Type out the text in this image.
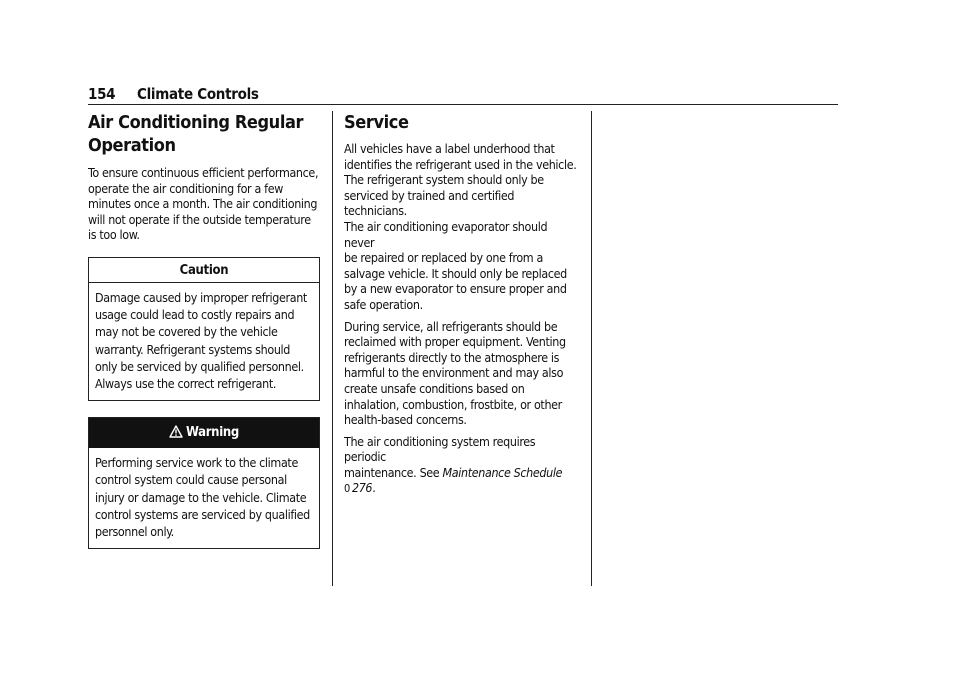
154 Climate Controls
Air Conditioning Regular
Operation

To ensure continuous efficient performance,
operate the air conditioning for a few
minutes once a month. The air conditioning
will not operate if the outside temperature
is too low.

Caution
Damage caused by improper refrigerant
usage could lead to costly repairs and
may not be covered by the vehicle
warranty. Refrigerant systems should
only be serviced by qualified personnel.
Always use the correct refrigerant.
Warning
Performing service work to the climate
control system could cause personal
injury or damage to the vehicle. Climate
control systems are serviced by qualified
personnel only.
Service

All vehicles have a label underhood that
identifies the refrigerant used in the vehicle.
The refrigerant system should only be
serviced by trained and certified technicians.
The air conditioning evaporator should never
be repaired or replaced by one from a
salvage vehicle. It should only be replaced
by a new evaporator to ensure proper and
safe operation.

During service, all refrigerants should be
reclaimed with proper equipment. Venting
refrigerants directly to the atmosphere is
harmful to the environment and may also
create unsafe conditions based on
inhalation, combustion, frostbite, or other
health-based concerns.

The air conditioning system requires periodic
maintenance. See Maintenance Schedule
0 276.
